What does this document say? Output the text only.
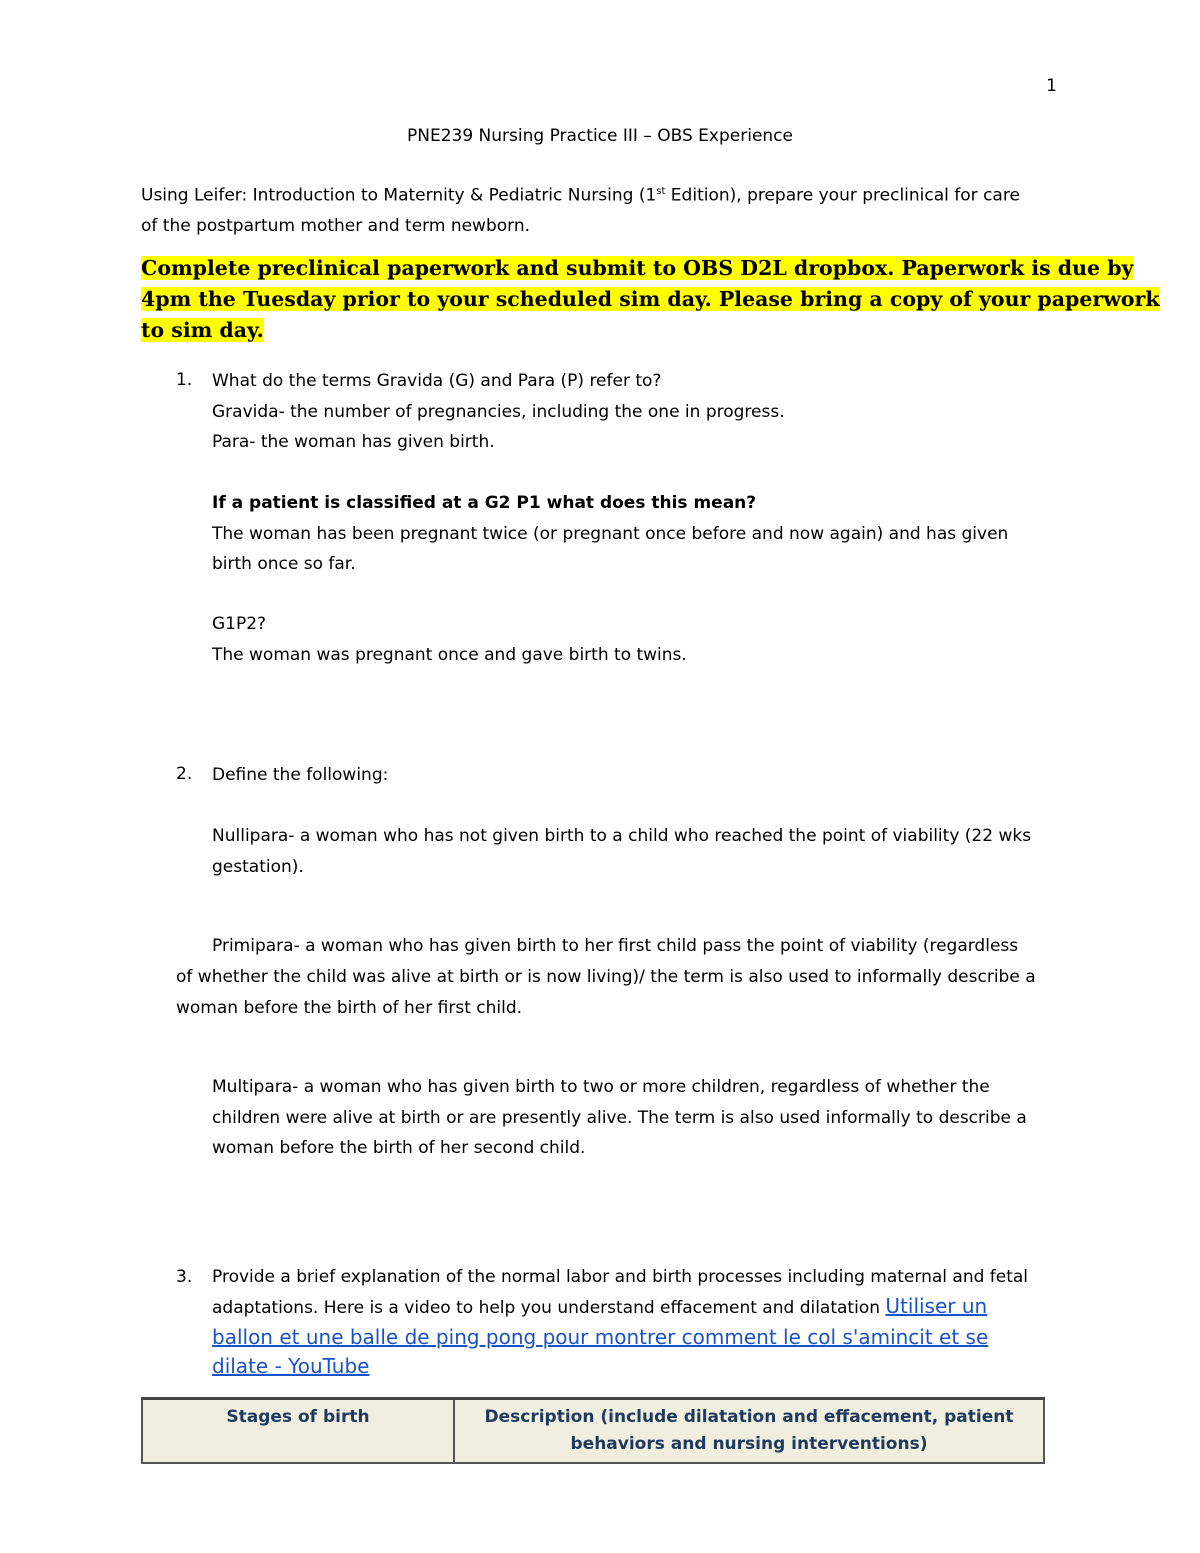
1
PNE239 Nursing Practice III – OBS Experience
Using Leifer: Introduction to Maternity & Pediatric Nursing (1st Edition), prepare your preclinical for care
of the postpartum mother and term newborn.
Complete preclinical paperwork and submit to OBS D2L dropbox. Paperwork is due by
4pm the Tuesday prior to your scheduled sim day. Please bring a copy of your paperwork
to sim day.
1. What do the terms Gravida (G) and Para (P) refer to?
Gravida- the number of pregnancies, including the one in progress.
Para- the woman has given birth.
If a patient is classified at a G2 P1 what does this mean?
The woman has been pregnant twice (or pregnant once before and now again) and has given
birth once so far.
G1P2?
The woman was pregnant once and gave birth to twins.
2. Define the following:
Nullipara- a woman who has not given birth to a child who reached the point of viability (22 wks
gestation).
Primipara- a woman who has given birth to her first child pass the point of viability (regardless
of whether the child was alive at birth or is now living)/ the term is also used to informally describe a
woman before the birth of her first child.
Multipara- a woman who has given birth to two or more children, regardless of whether the
children were alive at birth or are presently alive. The term is also used informally to describe a
woman before the birth of her second child.
3. Provide a brief explanation of the normal labor and birth processes including maternal and fetal
adaptations. Here is a video to help you understand effacement and dilatation Utiliser un
ballon et une balle de ping pong pour montrer comment le col s'amincit et se
dilate - YouTube
Stages of birth	Description (include dilatation and effacement, patient
behaviors and nursing interventions)
